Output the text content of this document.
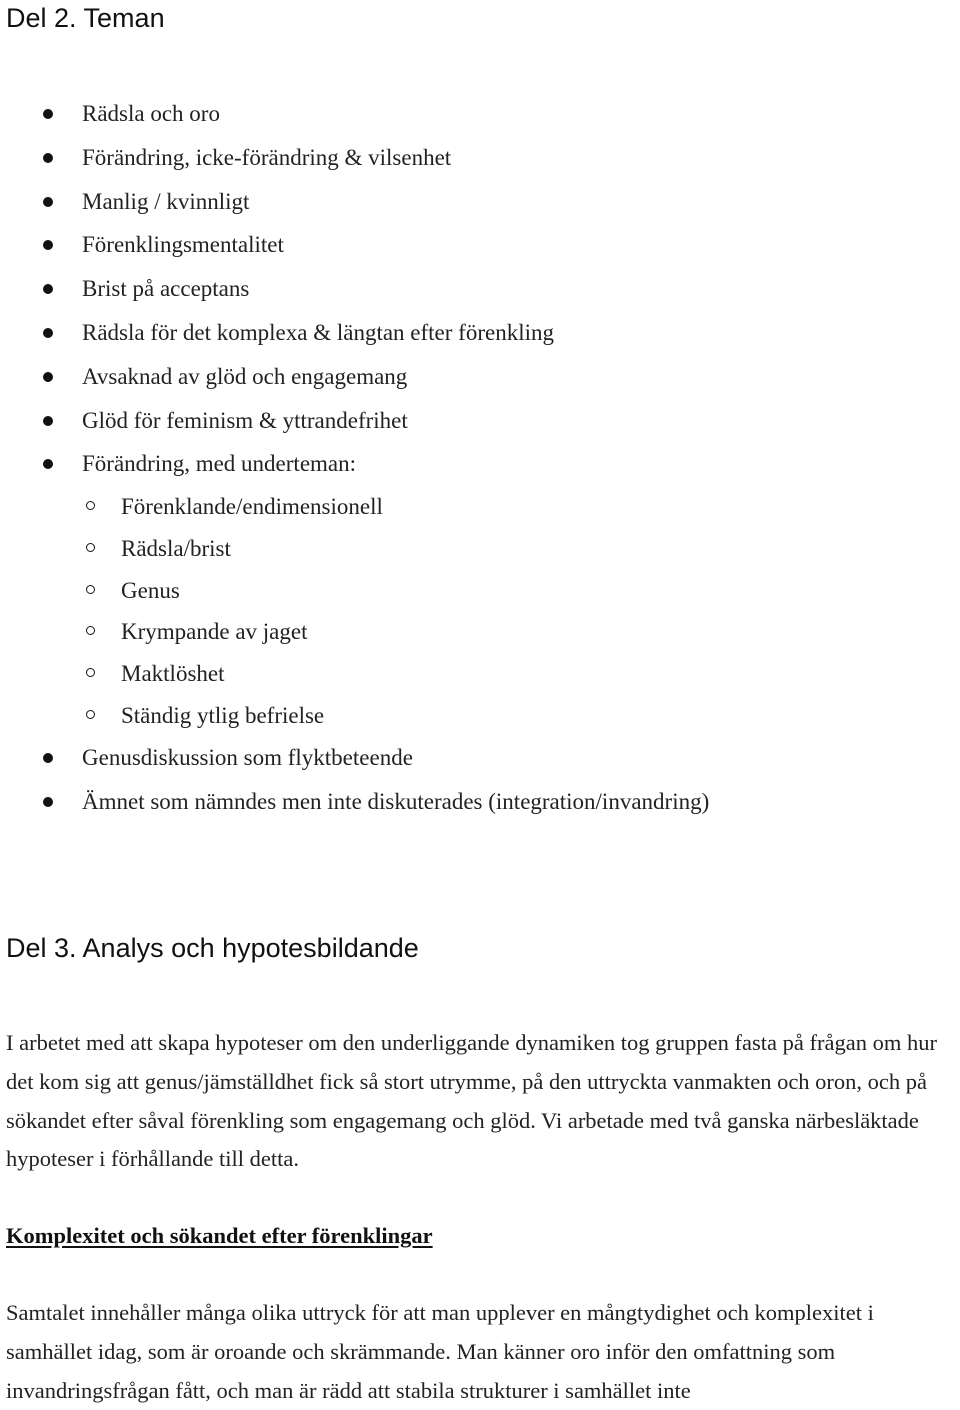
Del 2. Teman
Rädsla och oro
Förändring, icke-förändring & vilsenhet
Manlig / kvinnligt
Förenklingsmentalitet
Brist på acceptans
Rädsla för det komplexa & längtan efter förenkling
Avsaknad av glöd och engagemang
Glöd för feminism & yttrandefrihet
Förändring, med underteman:
Förenklande/endimensionell
Rädsla/brist
Genus
Krympande av jaget
Maktlöshet
Ständig ytlig befrielse
Genusdiskussion som flyktbeteende
Ämnet som nämndes men inte diskuterades (integration/invandring)
Del 3. Analys och hypotesbildande

I arbetet med att skapa hypoteser om den underliggande dynamiken tog gruppen fasta på frågan om hur det kom sig att genus/jämställdhet fick så stort utrymme, på den uttryckta vanmakten och oron, och på sökandet efter såval förenkling som engagemang och glöd. Vi arbetade med två ganska närbesläktade hypoteser i förhållande till detta.

Komplexitet och sökandet efter förenklingar

Samtalet innehåller många olika uttryck för att man upplever en mångtydighet och komplexitet i samhället idag, som är oroande och skrämmande. Man känner oro inför den omfattning som invandringsfrågan fått, och man är rädd att stabila strukturer i samhället inte
